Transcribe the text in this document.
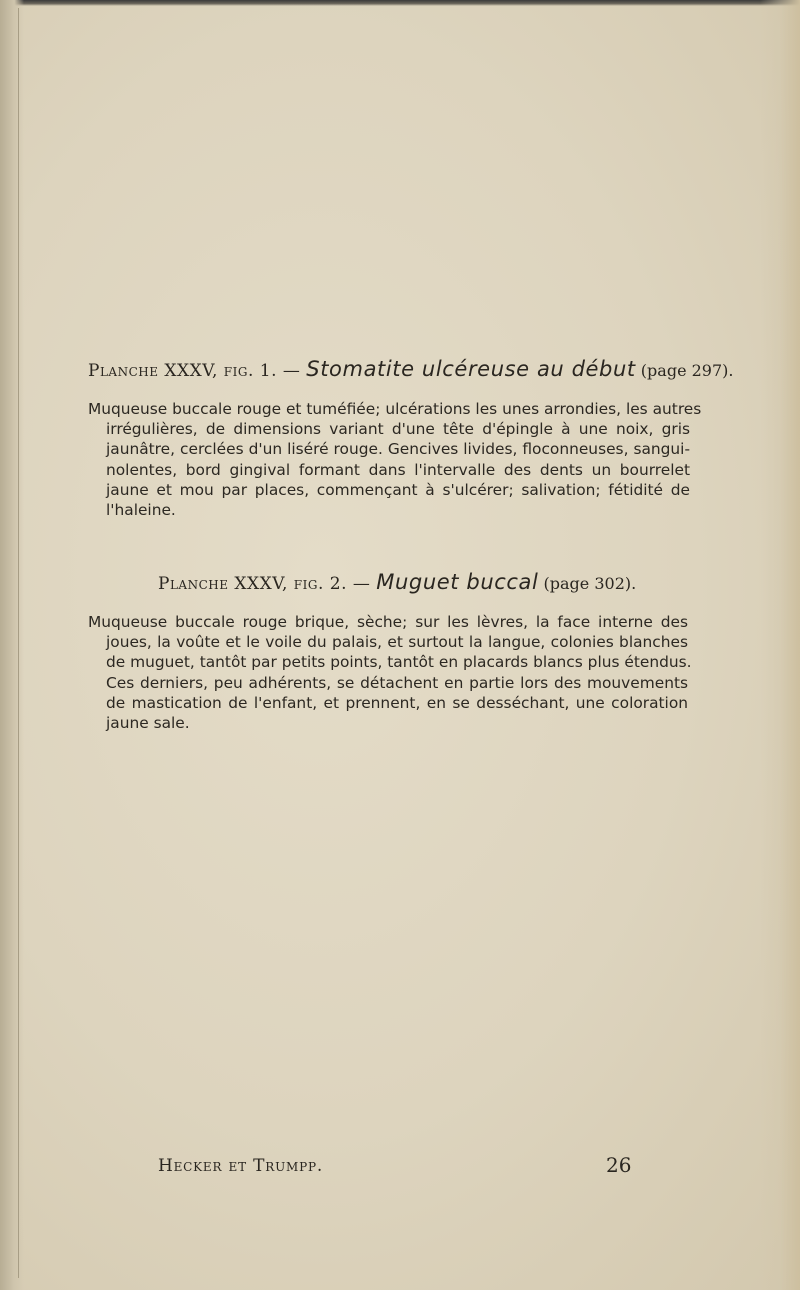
Planche XXXV, fig. 1. — Stomatite ulcéreuse au début (page 297).
Muqueuse buccale rouge et tuméfiée; ulcérations les unes arrondies, les autres
irrégulières, de dimensions variant d'une tête d'épingle à une noix, gris
jaunâtre, cerclées d'un liséré rouge. Gencives livides, floconneuses, sangui-
nolentes, bord gingival formant dans l'intervalle des dents un bourrelet
jaune et mou par places, commençant à s'ulcérer; salivation; fétidité de
l'haleine.
Planche XXXV, fig. 2. — Muguet buccal (page 302).
Muqueuse buccale rouge brique, sèche; sur les lèvres, la face interne des
joues, la voûte et le voile du palais, et surtout la langue, colonies blanches
de muguet, tantôt par petits points, tantôt en placards blancs plus étendus.
Ces derniers, peu adhérents, se détachent en partie lors des mouvements
de mastication de l'enfant, et prennent, en se desséchant, une coloration
jaune sale.
Hecker et Trumpp.	26
